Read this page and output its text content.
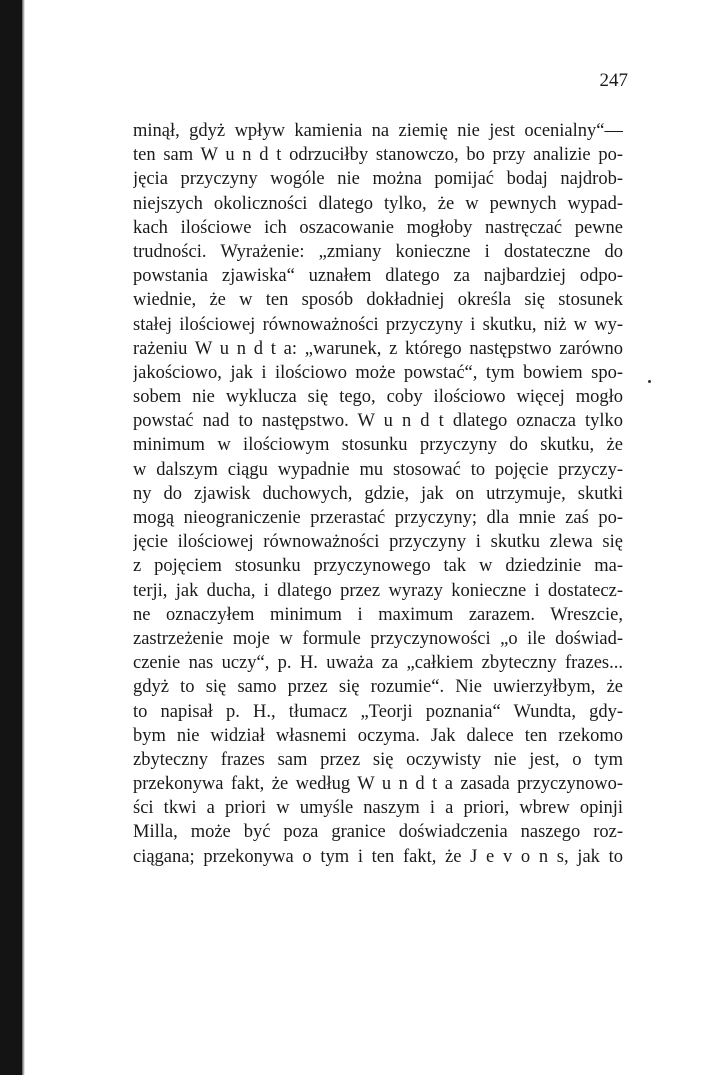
247
minął, gdyż wpływ kamienia na ziemię nie jest ocenialny“—
ten sam W u n d t odrzuciłby stanowczo, bo przy analizie po-
jęcia przyczyny wogóle nie można pomijać bodaj najdrob-
niejszych okoliczności dlatego tylko, że w pewnych wypad-
kach ilościowe ich oszacowanie mogłoby nastręczać pewne
trudności. Wyrażenie: „zmiany konieczne i dostateczne do
powstania zjawiska“ uznałem dlatego za najbardziej odpo-
wiednie, że w ten sposób dokładniej określa się stosunek
stałej ilościowej równoważności przyczyny i skutku, niż w wy-
rażeniu W u n d t a: „warunek, z którego następstwo zarówno
jakościowo, jak i ilościowo może powstać“, tym bowiem spo-
sobem nie wyklucza się tego, coby ilościowo więcej mogło
powstać nad to następstwo. W u n d t dlatego oznacza tylko
minimum w ilościowym stosunku przyczyny do skutku, że
w dalszym ciągu wypadnie mu stosować to pojęcie przyczy-
ny do zjawisk duchowych, gdzie, jak on utrzymuje, skutki
mogą nieograniczenie przerastać przyczyny; dla mnie zaś po-
jęcie ilościowej równoważności przyczyny i skutku zlewa się
z pojęciem stosunku przyczynowego tak w dziedzinie ma-
terji, jak ducha, i dlatego przez wyrazy konieczne i dostatecz-
ne oznaczyłem minimum i maximum zarazem. Wreszcie,
zastrzeżenie moje w formule przyczynowości „o ile doświad-
czenie nas uczy“, p. H. uważa za „całkiem zbyteczny frazes...
gdyż to się samo przez się rozumie“. Nie uwierzyłbym, że
to napisał p. H., tłumacz „Teorji poznania“ Wundta, gdy-
bym nie widział własnemi oczyma. Jak dalece ten rzekomo
zbyteczny frazes sam przez się oczywisty nie jest, o tym
przekonywa fakt, że według W u n d t a zasada przyczynowo-
ści tkwi a priori w umyśle naszym i a priori, wbrew opinji
Milla, może być poza granice doświadczenia naszego roz-
ciągana; przekonywa o tym i ten fakt, że J e v o n s, jak to
